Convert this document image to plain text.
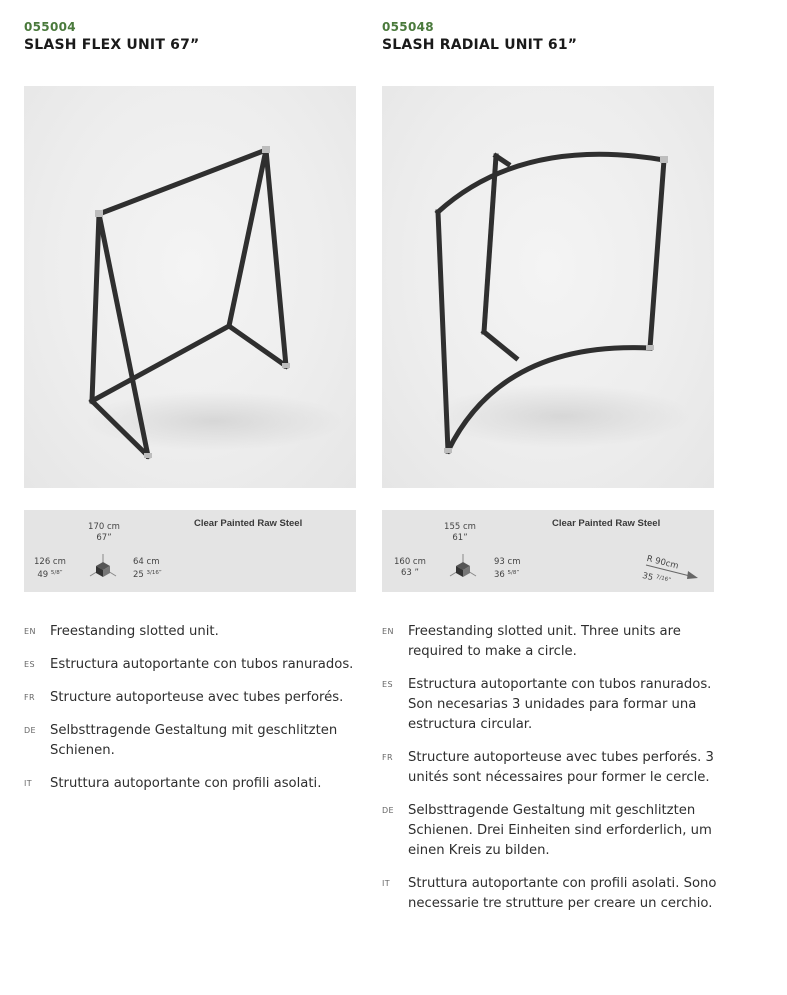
055004
SLASH FLEX UNIT 67”
Clear Painted Raw Steel
170 cm
67”
126 cm
49 $^{5/8”}$
64 cm
25 $^{3/16”}$
EN	Freestanding slotted unit.
ES	Estructura autoportante con tubos ranurados.
FR	Structure autoporteuse avec tubes perforés.
DE	Selbsttragende Gestaltung mit geschlitzten Schienen.
IT	Struttura autoportante con profili asolati.
055048
SLASH RADIAL UNIT 61”
Clear Painted Raw Steel
155 cm
61”
160 cm
63 ”
93 cm
36 $^{5/8”}$
R 90cm
35 $^{7/16”}$
EN	Freestanding slotted unit. Three units are required to make a circle.
ES	Estructura autoportante con tubos ranurados. Son necesarias 3 unidades para formar una estructura circular.
FR	Structure autoporteuse avec tubes perforés. 3 unités sont nécessaires pour former le cercle.
DE	Selbsttragende Gestaltung mit geschlitzten Schienen. Drei Einheiten sind erforderlich, um einen Kreis zu bilden.
IT	Struttura autoportante con profili asolati. Sono necessarie tre strutture per creare un cerchio.
